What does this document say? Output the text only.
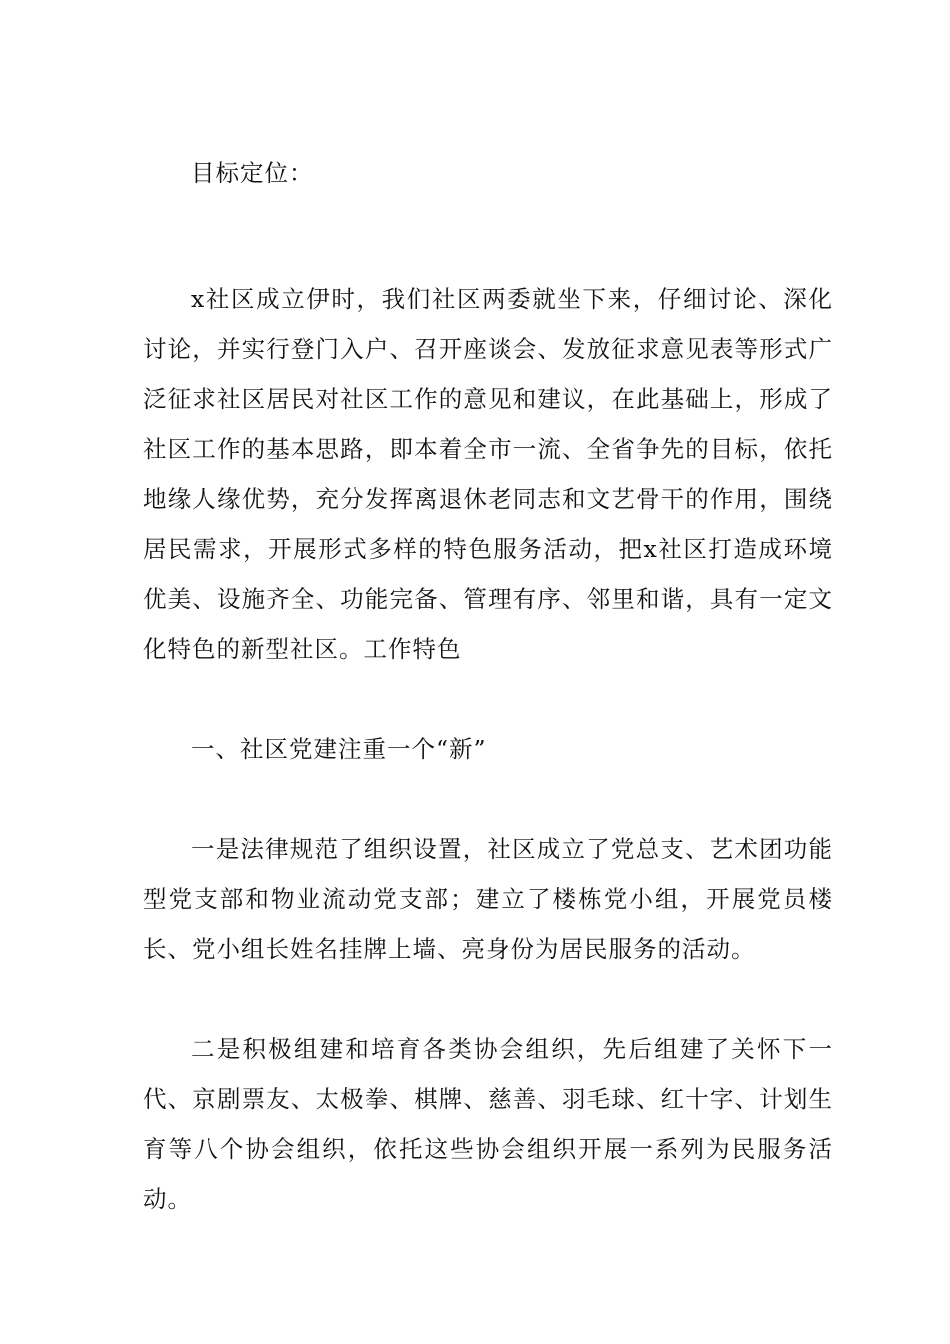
目标定位：

x社区成立伊时，我们社区两委就坐下来，仔细讨论、深化讨论，并实行登门入户、召开座谈会、发放征求意见表等形式广泛征求社区居民对社区工作的意见和建议，在此基础上，形成了社区工作的基本思路，即本着全市一流、全省争先的目标，依托地缘人缘优势，充分发挥离退休老同志和文艺骨干的作用，围绕居民需求，开展形式多样的特色服务活动，把x社区打造成环境优美、设施齐全、功能完备、管理有序、邻里和谐，具有一定文化特色的新型社区。工作特色

一、社区党建注重一个“新”

一是法律规范了组织设置，社区成立了党总支、艺术团功能型党支部和物业流动党支部；建立了楼栋党小组，开展党员楼长、党小组长姓名挂牌上墙、亮身份为居民服务的活动。

二是积极组建和培育各类协会组织，先后组建了关怀下一代、京剧票友、太极拳、棋牌、慈善、羽毛球、红十字、计划生育等八个协会组织，依托这些协会组织开展一系列为民服务活动。
